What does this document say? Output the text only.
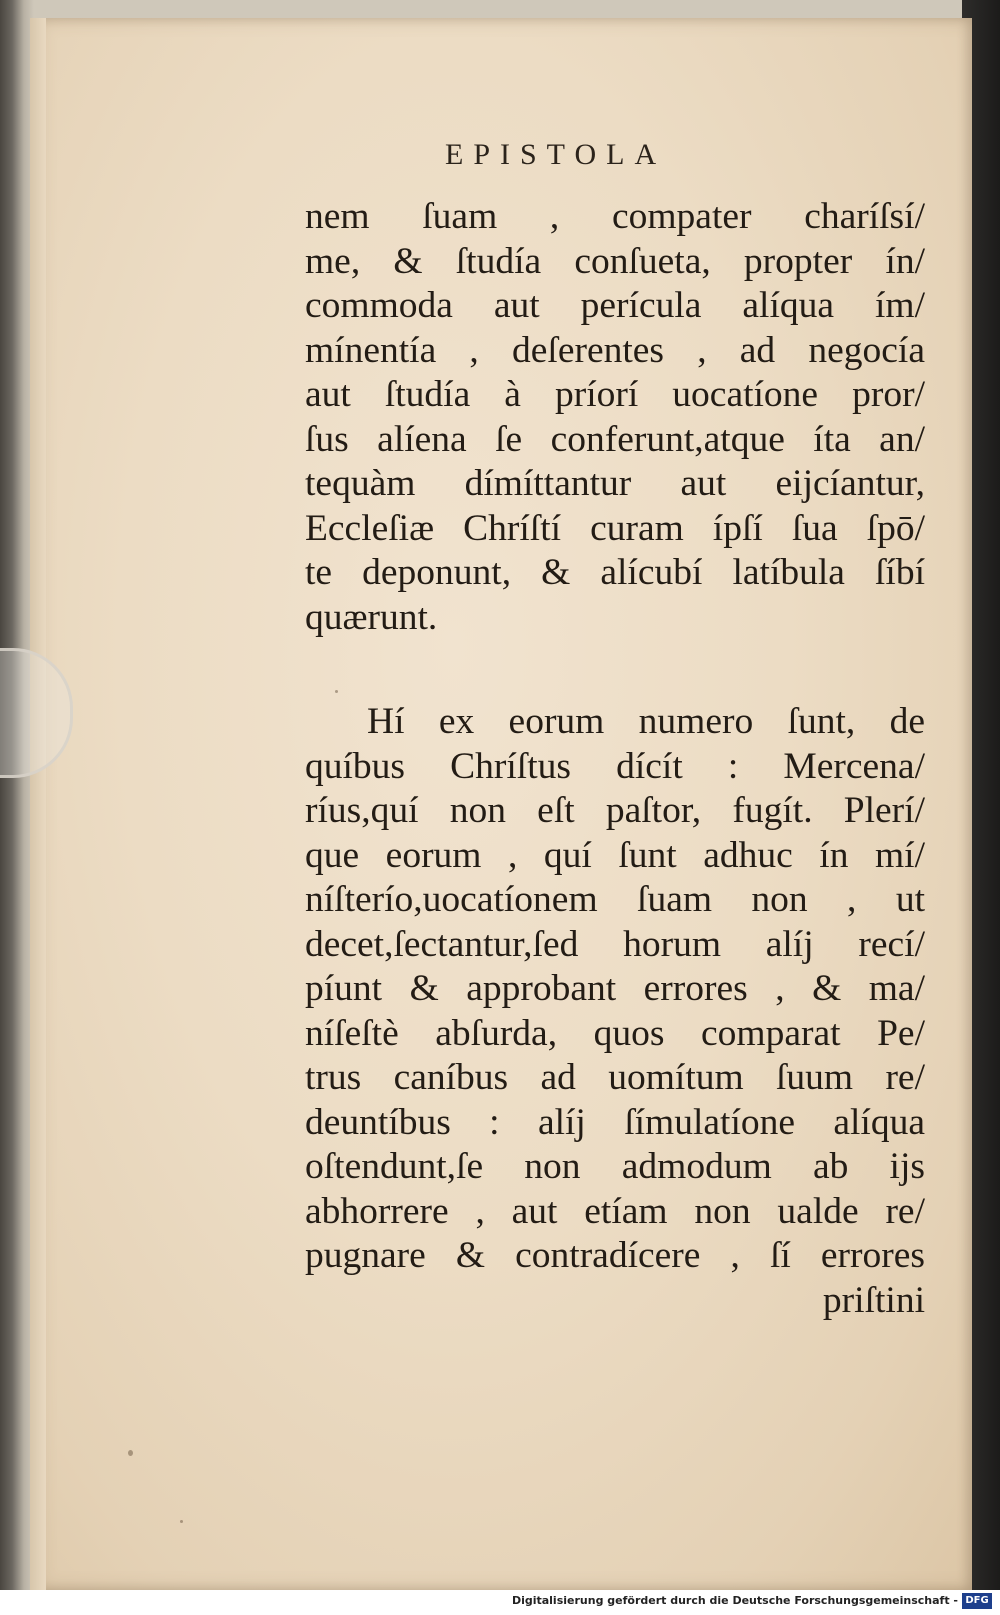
EPISTOLA
nem ſuam , compater charíſsí/
me, & ſtudía conſueta, propter ín/
commoda aut perícula alíqua ím/
mínentía , deſerentes , ad negocía
aut ſtudía à príorí uocatíone pror/
ſus alíena ſe conferunt,atque íta an/
tequàm dímíttantur aut eijcíantur,
Eccleſiæ Chríſtí curam ípſí ſua ſpō/
te deponunt, & alícubí latíbula ſíbí
quærunt.
Hí ex eorum numero ſunt, de
quíbus Chríſtus dícít : Mercena/
ríus,quí non eſt paſtor, fugít. Plerí/
que eorum , quí ſunt adhuc ín mí/
níſterío,uocatíonem ſuam non , ut
decet,ſectantur,ſed horum alíj recí/
píunt & approbant errores , & ma/
níſeſtè abſurda, quos comparat Pe/
trus caníbus ad uomítum ſuum re/
deuntíbus : alíj ſímulatíone alíqua
oſtendunt,ſe non admodum ab ijs
abhorrere , aut etíam non ualde re/
pugnare & contradícere , ſí errores
priſtini
Digitalisierung gefördert durch die Deutsche Forschungsgemeinschaft - DFG
